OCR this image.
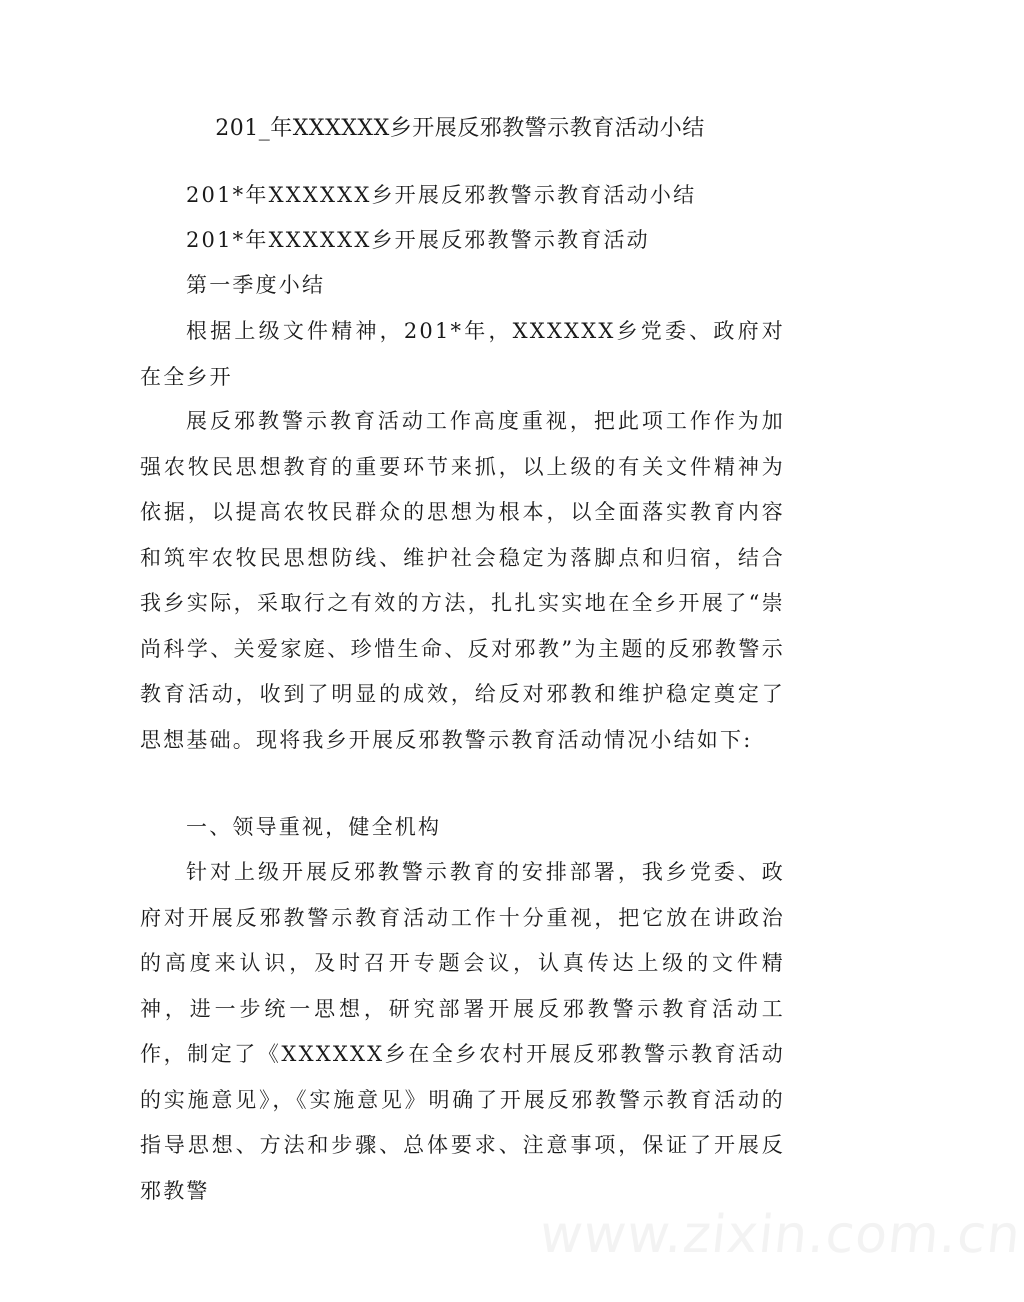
201_年XXXXXX乡开展反邪教警示教育活动小结
201*年XXXXXX乡开展反邪教警示教育活动小结
201*年XXXXXX乡开展反邪教警示教育活动
第一季度小结
根据上级文件精神，201*年，XXXXXX乡党委、政府对在全乡开
展反邪教警示教育活动工作高度重视，把此项工作作为加强农牧民思想教育的重要环节来抓，以上级的有关文件精神为依据，以提高农牧民群众的思想为根本，以全面落实教育内容和筑牢农牧民思想防线、维护社会稳定为落脚点和归宿，结合我乡实际，采取行之有效的方法，扎扎实实地在全乡开展了“崇尚科学、关爱家庭、珍惜生命、反对邪教”为主题的反邪教警示教育活动，收到了明显的成效，给反对邪教和维护稳定奠定了思想基础。现将我乡开展反邪教警示教育活动情况小结如下:
一、领导重视，健全机构
针对上级开展反邪教警示教育的安排部署，我乡党委、政府对开展反邪教警示教育活动工作十分重视，把它放在讲政治的高度来认识，及时召开专题会议，认真传达上级的文件精神，进一步统一思想，研究部署开展反邪教警示教育活动工作，制定了《XXXXXX乡在全乡农村开展反邪教警示教育活动的实施意见》，《实施意见》明确了开展反邪教警示教育活动的指导思想、方法和步骤、总体要求、注意事项，保证了开展反邪教警
www.zixin.com.cn
